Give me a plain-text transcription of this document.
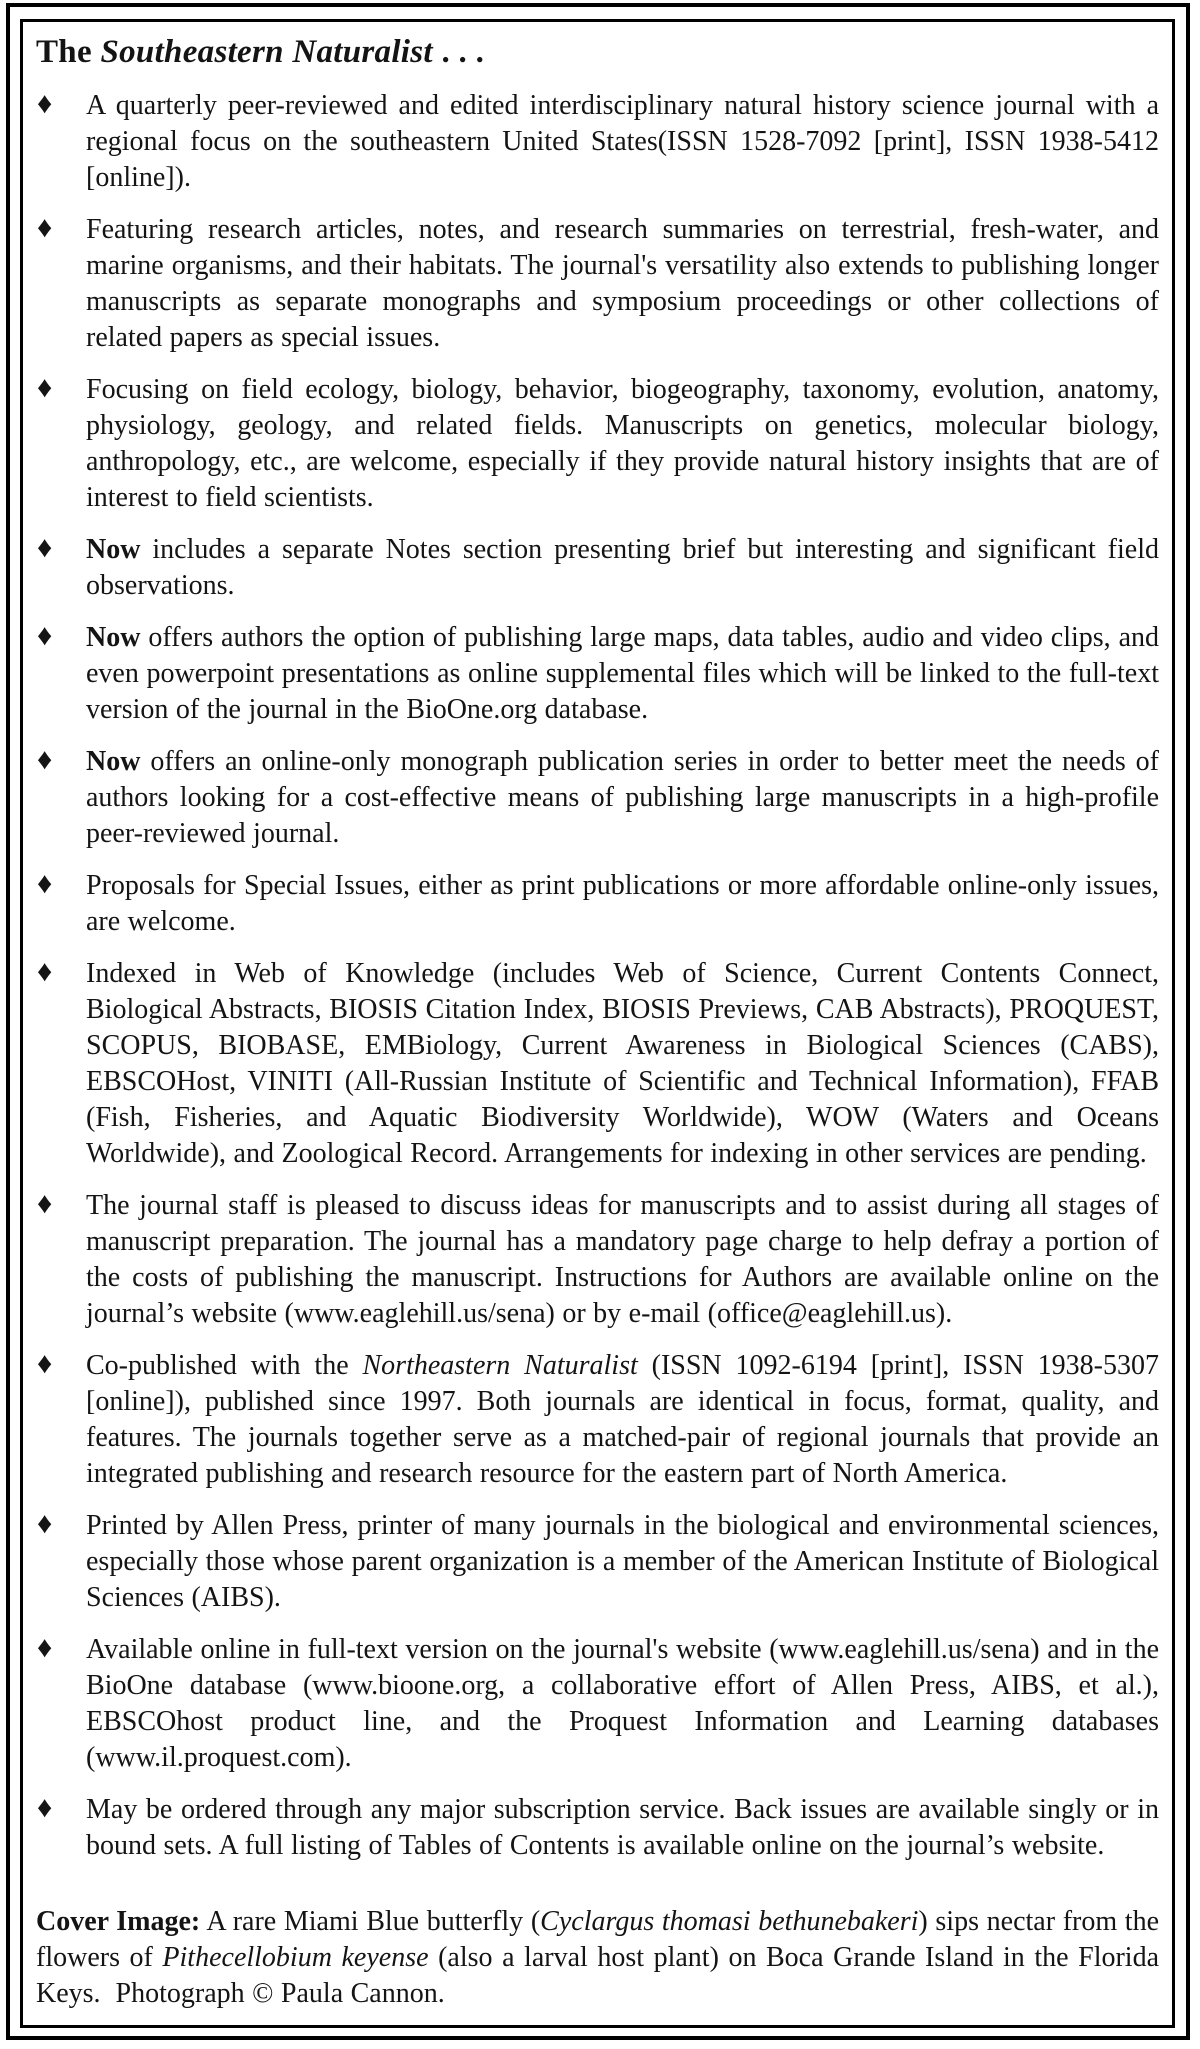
The Southeastern Naturalist . . .
♦ A quarterly peer-reviewed and edited interdisciplinary natural history science journal with a regional focus on the southeastern United States(ISSN 1528-7092 [print], ISSN 1938-5412 [online]).
♦ Featuring research articles, notes, and research summaries on terrestrial, fresh-water, and marine organisms, and their habitats. The journal's versatility also extends to publishing longer manuscripts as separate monographs and symposium proceedings or other collections of related papers as special issues.
♦ Focusing on field ecology, biology, behavior, biogeography, taxonomy, evolution, anatomy, physiology, geology, and related fields. Manuscripts on genetics, molecular biology, anthropology, etc., are welcome, especially if they provide natural history insights that are of interest to field scientists.
♦ Now includes a separate Notes section presenting brief but interesting and significant field observations.
♦ Now offers authors the option of publishing large maps, data tables, audio and video clips, and even powerpoint presentations as online supplemental files which will be linked to the full-text version of the journal in the BioOne.org database.
♦ Now offers an online-only monograph publication series in order to better meet the needs of authors looking for a cost-effective means of publishing large manuscripts in a high-profile peer-reviewed journal.
♦ Proposals for Special Issues, either as print publications or more affordable online-only issues, are welcome.
♦ Indexed in Web of Knowledge (includes Web of Science, Current Contents Connect, Biological Abstracts, BIOSIS Citation Index, BIOSIS Previews, CAB Abstracts), PROQUEST, SCOPUS, BIOBASE, EMBiology, Current Awareness in Biological Sciences (CABS), EBSCOHost, VINITI (All-Russian Institute of Scientific and Technical Information), FFAB (Fish, Fisheries, and Aquatic Biodiversity Worldwide), WOW (Waters and Oceans Worldwide), and Zoological Record. Arrangements for indexing in other services are pending.
♦ The journal staff is pleased to discuss ideas for manuscripts and to assist during all stages of manuscript preparation. The journal has a mandatory page charge to help defray a portion of the costs of publishing the manuscript. Instructions for Authors are available online on the journal’s website (www.eaglehill.us/sena) or by e-mail (office@eaglehill.us).
♦ Co-published with the Northeastern Naturalist (ISSN 1092-6194 [print], ISSN 1938-5307 [online]), published since 1997. Both journals are identical in focus, format, quality, and features. The journals together serve as a matched-pair of regional journals that provide an integrated publishing and research resource for the eastern part of North America.
♦ Printed by Allen Press, printer of many journals in the biological and environmental sciences, especially those whose parent organization is a member of the American Institute of Biological Sciences (AIBS).
♦ Available online in full-text version on the journal's website (www.eaglehill.us/sena) and in the BioOne database (www.bioone.org, a collaborative effort of Allen Press, AIBS, et al.), EBSCOhost product line, and the Proquest Information and Learning databases (www.il.proquest.com).
♦ May be ordered through any major subscription service. Back issues are available singly or in bound sets. A full listing of Tables of Contents is available online on the journal’s website.

Cover Image: A rare Miami Blue butterfly (Cyclargus thomasi bethunebakeri) sips nectar from the flowers of Pithecellobium keyense (also a larval host plant) on Boca Grande Island in the Florida Keys.  Photograph © Paula Cannon.
